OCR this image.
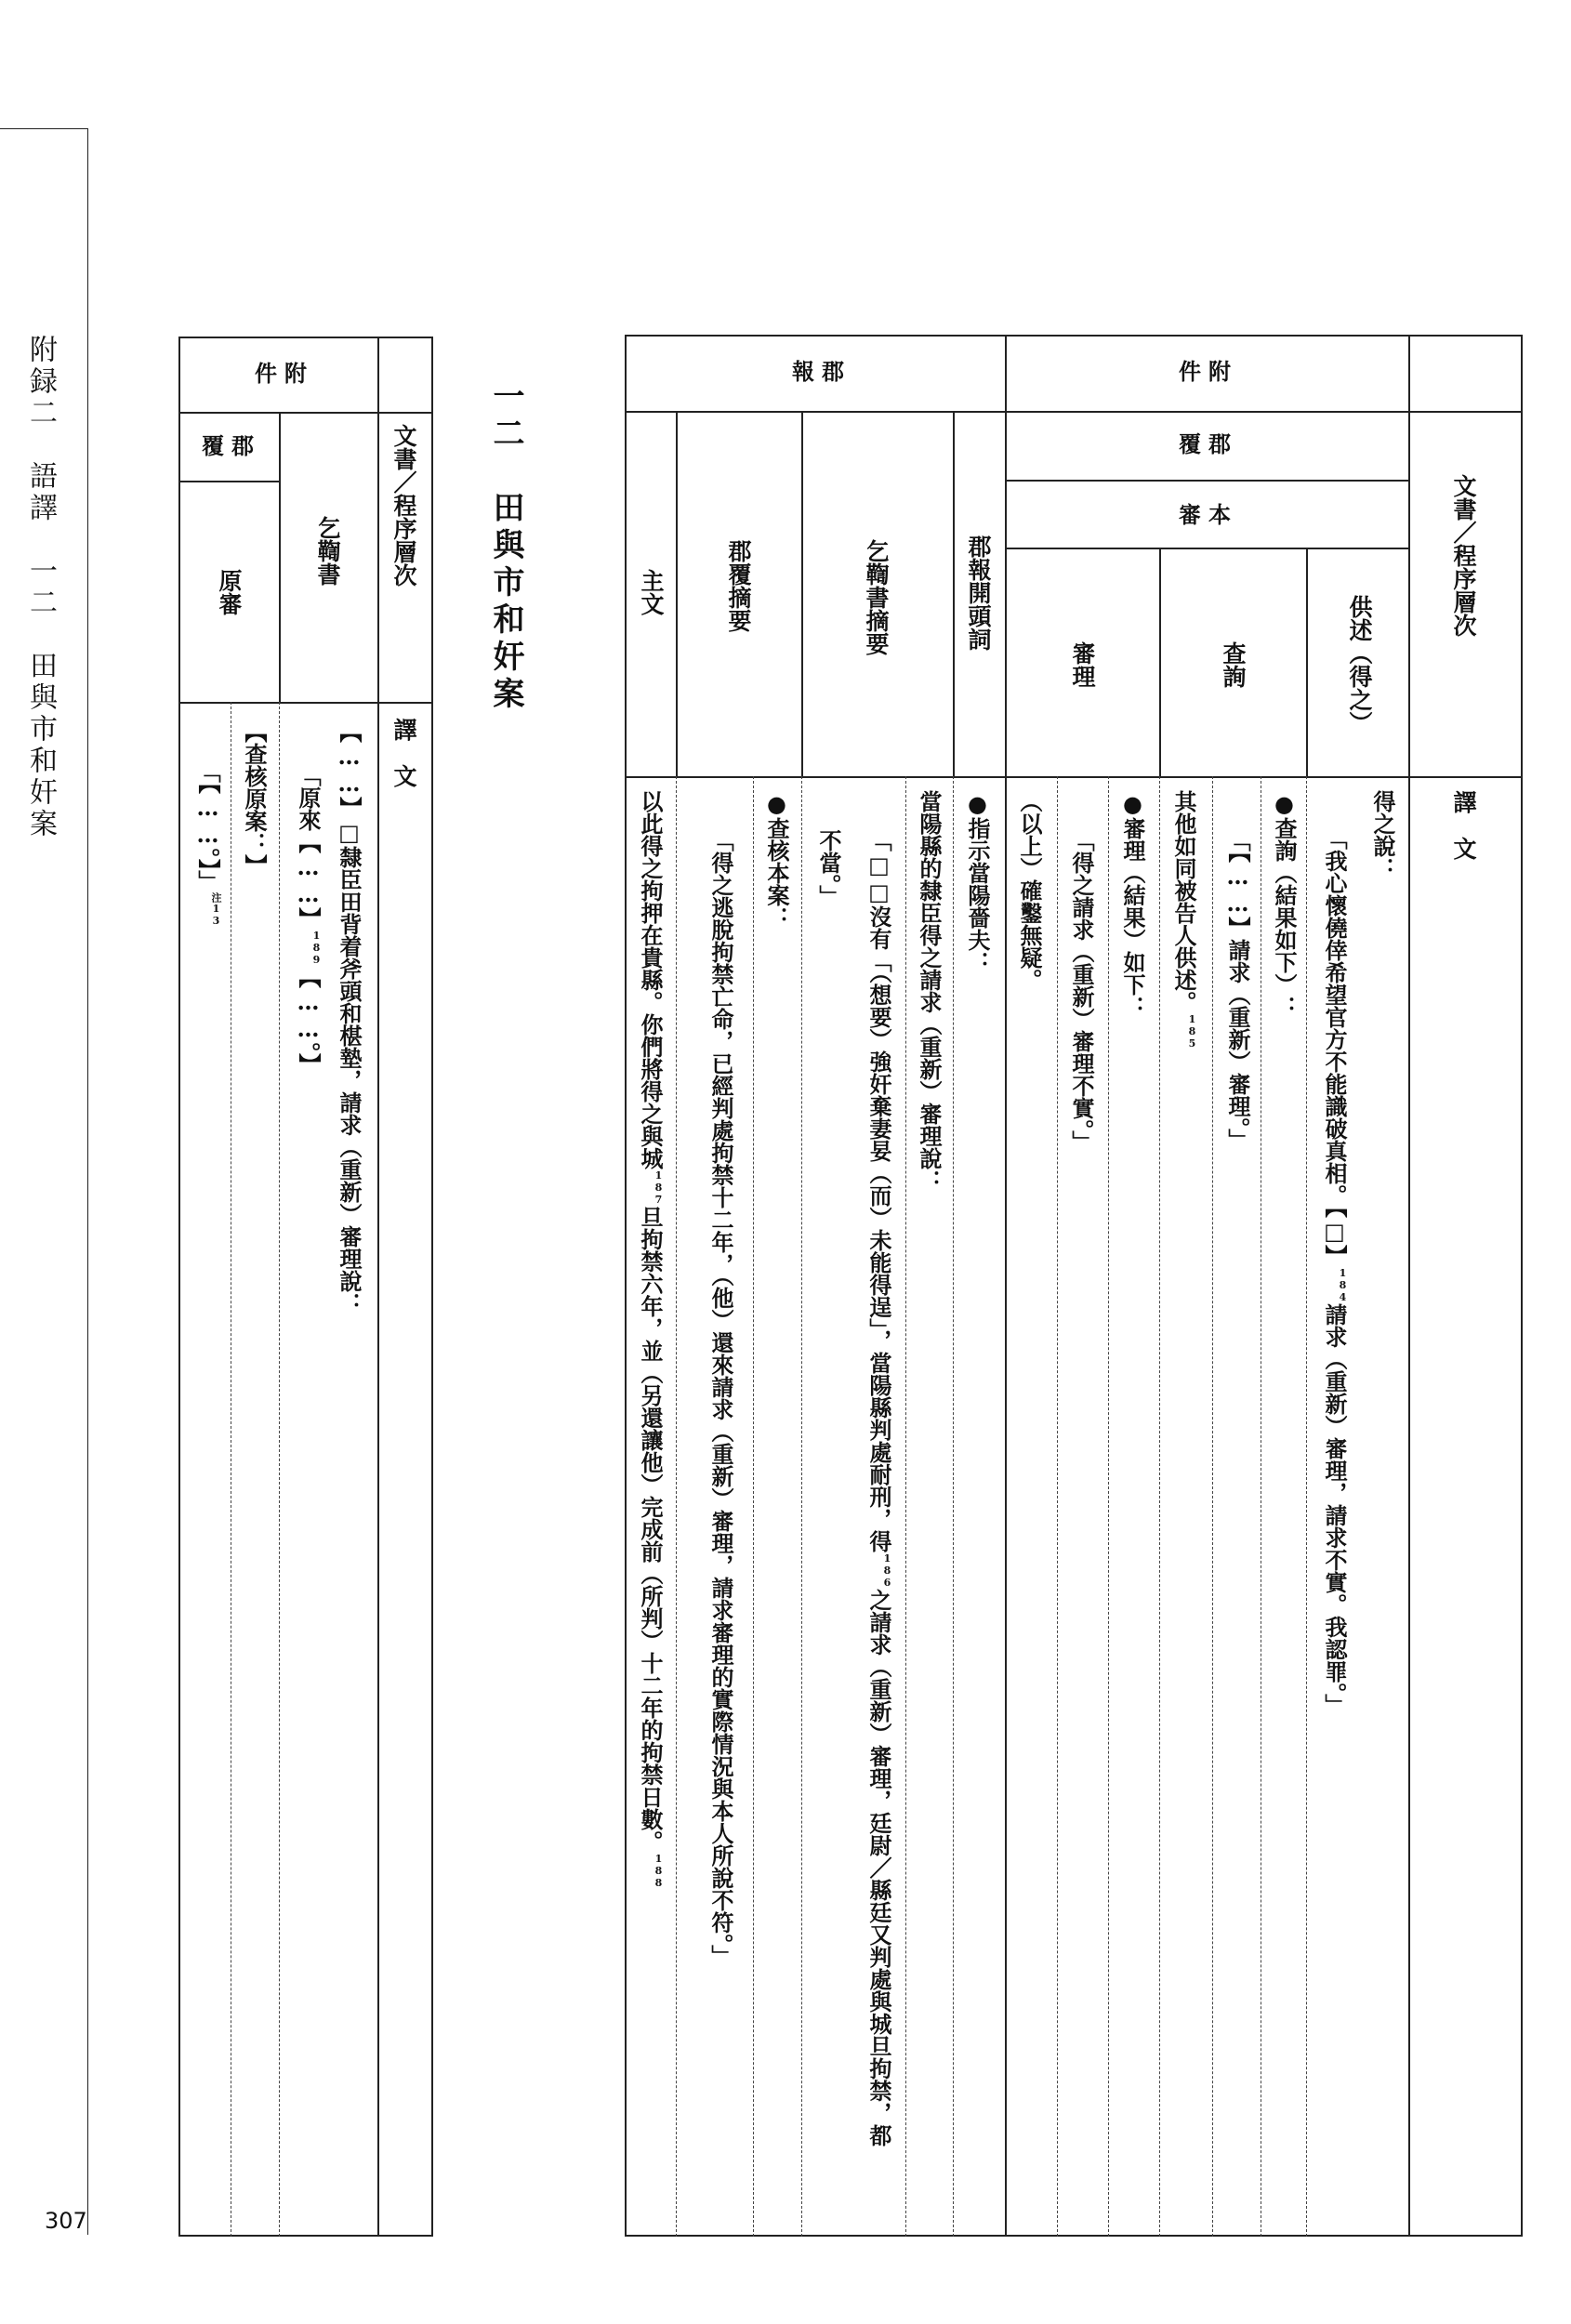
附録二　語譯　一二　田與市和奸案
307
一二　田與市和奸案
文書／程序層次
譯　文
件附
覆郡
乞鞫書
原審
【……】□隸臣田背着斧頭和椹墊，請求（重新）審理說：
「原來【……】$^{189}$【……。】
【查核原案：】
「【……。】」$^{注13}$
文書／程序層次
譯　文
件附
覆郡
審本
供述（得之）
查詢
審理
報郡
郡報開頭詞
乞鞫書摘要
郡覆摘要
主文
得之說：
「我心懷僥倖希望官方不能識破真相。【□】$^{184}$請求（重新）審理，請求不實。我認罪。」
●查詢（結果如下）：
「【……】請求（重新）審理。」
其他如同被告人供述。$^{185}$
●審理（結果）如下：
「得之請求（重新）審理不實。」
（以上）確鑿無疑。
●指示當陽嗇夫：
當陽縣的隸臣得之請求（重新）審理說：
「□□沒有「（想要）強奸棄妻妟（而）未能得逞」，當陽縣判處耐刑，得$^{186}$之請求（重新）審理，廷尉／縣廷又判處與城旦拘禁，都
不當。」
●查核本案：
「得之逃脫拘禁亡命，已經判處拘禁十二年，（他）還來請求（重新）審理，請求審理的實際情況與本人所說不符。」
以此得之拘押在貴縣。你們將得之與城$^{187}$旦拘禁六年，並（另還讓他）完成前（所判）十二年的拘禁日數。$^{188}$
